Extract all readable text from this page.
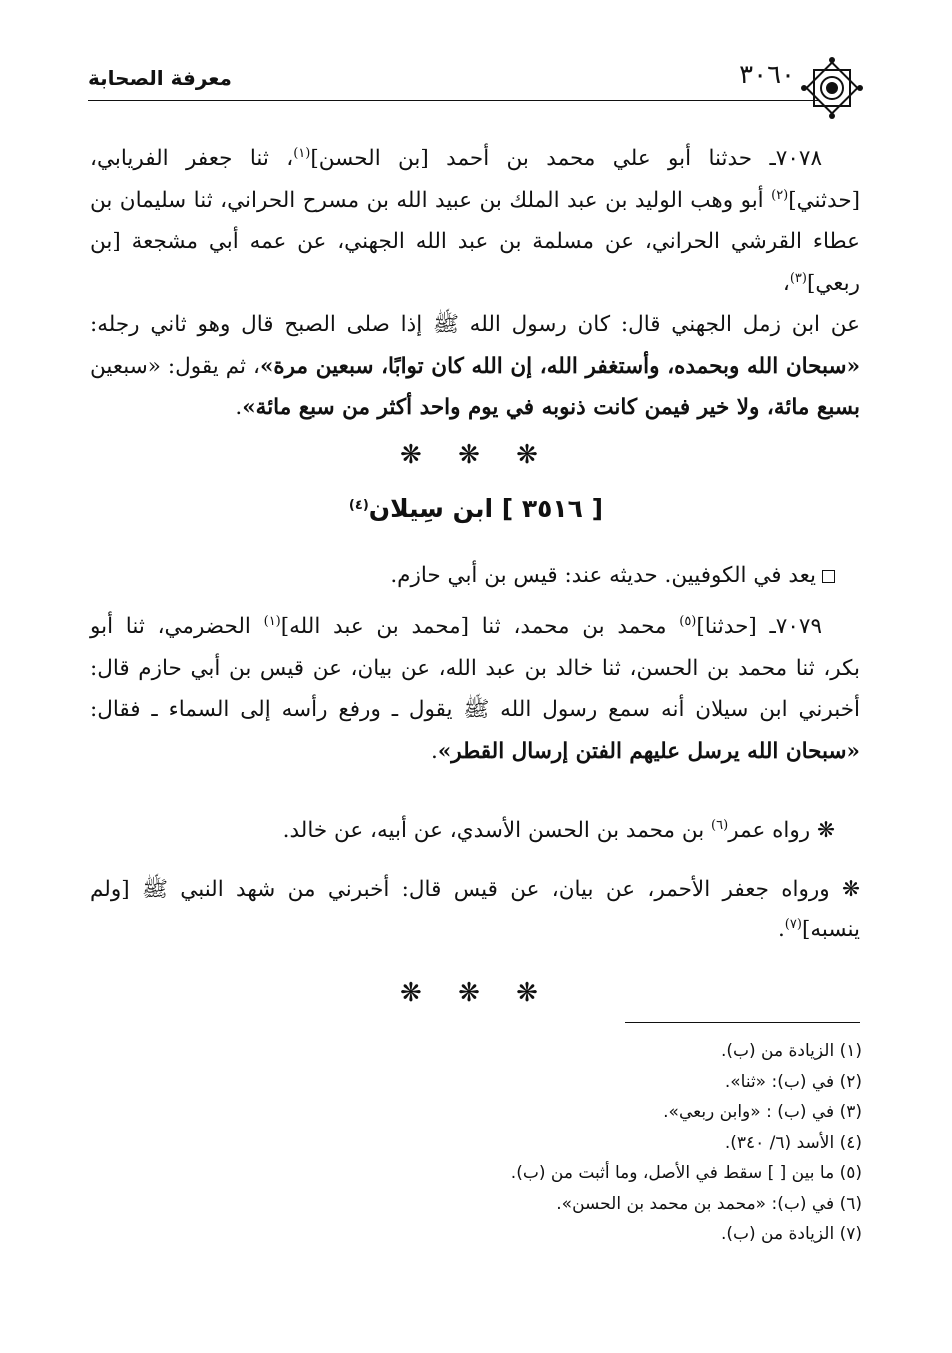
٣٠٦٠
معرفة الصحابة
٧٠٧٨ـ حدثنا أبو علي محمد بن أحمد [بن الحسن]$^{(١)}$، ثنا جعفر الفريابي،
[حدثني]$^{(٢)}$ أبو وهب الوليد بن عبد الملك بن عبيد الله بن مسرح الحراني، ثنا سليمان بن
عطاء القرشي الحراني، عن مسلمة بن عبد الله الجهني، عن عمه أبي مشجعة [بن ربعي]$^{(٣)}$،
عن ابن زمل الجهني قال: كان رسول الله ﷺ إذا صلى الصبح قال وهو ثاني رجله:
«سبحان الله وبحمده، وأستغفر الله، إن الله كان توابًا، سبعين مرة»، ثم يقول: «سبعين
بسبع مائة، ولا خير فيمن كانت ذنوبه في يوم واحد أكثر من سبع مائة».
❋ ❋ ❋
[ ٣٥١٦ ] ابن سِيلان$^{(٤)}$
يعد في الكوفيين. حديثه عند: قيس بن أبي حازم.
٧٠٧٩ـ [حدثنا]$^{(٥)}$ محمد بن محمد، ثنا [محمد بن عبد الله]$^{(١)}$ الحضرمي، ثنا أبو
بكر، ثنا محمد بن الحسن، ثنا خالد بن عبد الله، عن بيان، عن قيس بن أبي حازم قال:
أخبرني ابن سيلان أنه سمع رسول الله ﷺ يقول ـ ورفع رأسه إلى السماء ـ فقال:
«سبحان الله يرسل عليهم الفتن إرسال القطر».
❋ رواه عمر$^{(٦)}$ بن محمد بن الحسن الأسدي، عن أبيه، عن خالد.
❋ ورواه جعفر الأحمر، عن بيان، عن قيس قال: أخبرني من شهد النبي ﷺ [ولم
ينسبه]$^{(٧)}$.
❋ ❋ ❋
(١) الزيادة من (ب).
(٢) في (ب): «ثنا».
(٣) في (ب) : «وابن ربعي».
(٤) الأسد (٦/ ٣٤٠).
(٥) ما بين [ ] سقط في الأصل، وما أثبت من (ب).
(٦) في (ب): «محمد بن محمد بن الحسن».
(٧) الزيادة من (ب).
